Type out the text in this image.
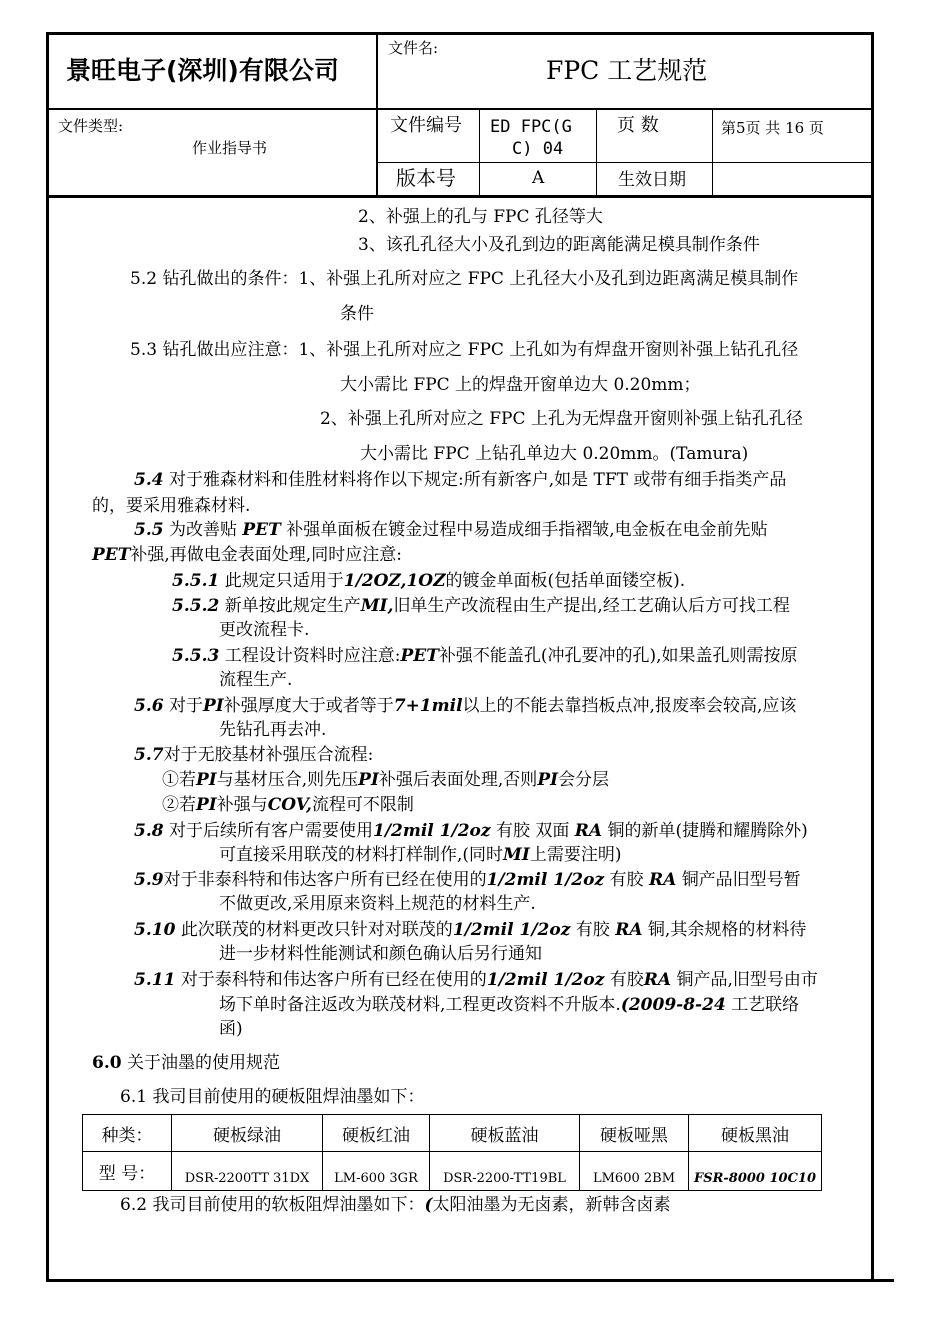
景旺电子(深圳)有限公司
文件名:
FPC 工艺规范
文件类型:
作业指导书
文件编号 ED FPC(G
C) 04
页 数	第5页 共 16 页
版本号	A	生效日期
2、补强上的孔与 FPC 孔径等大
3、该孔孔径大小及孔到边的距离能满足模具制作条件
5.2 钻孔做出的条件：1、补强上孔所对应之 FPC 上孔径大小及孔到边距离满足模具制作
条件
5.3 钻孔做出应注意：1、补强上孔所对应之 FPC 上孔如为有焊盘开窗则补强上钻孔孔径
大小需比 FPC 上的焊盘开窗单边大 0.20mm；
2、补强上孔所对应之 FPC 上孔为无焊盘开窗则补强上钻孔孔径
大小需比 FPC 上钻孔单边大 0.20mm。(Tamura)
5.4 对于雅森材料和佳胜材料将作以下规定:所有新客户,如是 TFT 或带有细手指类产品
的，要采用雅森材料.
5.5 为改善贴 PET 补强单面板在镀金过程中易造成细手指褶皱,电金板在电金前先贴
PET补强,再做电金表面处理,同时应注意:
5.5.1 此规定只适用于1/2OZ,1OZ的镀金单面板(包括单面镂空板).
5.5.2 新单按此规定生产MI,旧单生产改流程由生产提出,经工艺确认后方可找工程
更改流程卡.
5.5.3 工程设计资料时应注意:PET补强不能盖孔(冲孔要冲的孔),如果盖孔则需按原
流程生产.
5.6 对于PI补强厚度大于或者等于7+1mil以上的不能去靠挡板点冲,报废率会较高,应该
先钻孔再去冲.
5.7对于无胶基材补强压合流程:
①若PI与基材压合,则先压PI补强后表面处理,否则PI会分层
②若PI补强与COV,流程可不限制
5.8 对于后续所有客户需要使用1/2mil 1/2oz 有胶 双面 RA 铜的新单(捷腾和耀腾除外)
可直接采用联茂的材料打样制作,(同时MI上需要注明)
5.9对于非泰科特和伟达客户所有已经在使用的1/2mil 1/2oz 有胶 RA 铜产品旧型号暂
不做更改,采用原来资料上规范的材料生产.
5.10 此次联茂的材料更改只针对对联茂的1/2mil 1/2oz 有胶 RA 铜,其余规格的材料待
进一步材料性能测试和颜色确认后另行通知
5.11 对于泰科特和伟达客户所有已经在使用的1/2mil 1/2oz 有胶RA 铜产品,旧型号由市
场下单时备注返改为联茂材料,工程更改资料不升版本.(2009-8-24 工艺联络
函)
6.0 关于油墨的使用规范
6.1 我司目前使用的硬板阻焊油墨如下：
种类：	硬板绿油	硬板红油	硬板蓝油	硬板哑黑	硬板黑油
型 号：	DSR-2200TT 31DX	LM-600 3GR	DSR-2200-TT19BL	LM600 2BM	FSR-8000 10C10
6.2 我司目前使用的软板阻焊油墨如下：(太阳油墨为无卤素，新韩含卤素
